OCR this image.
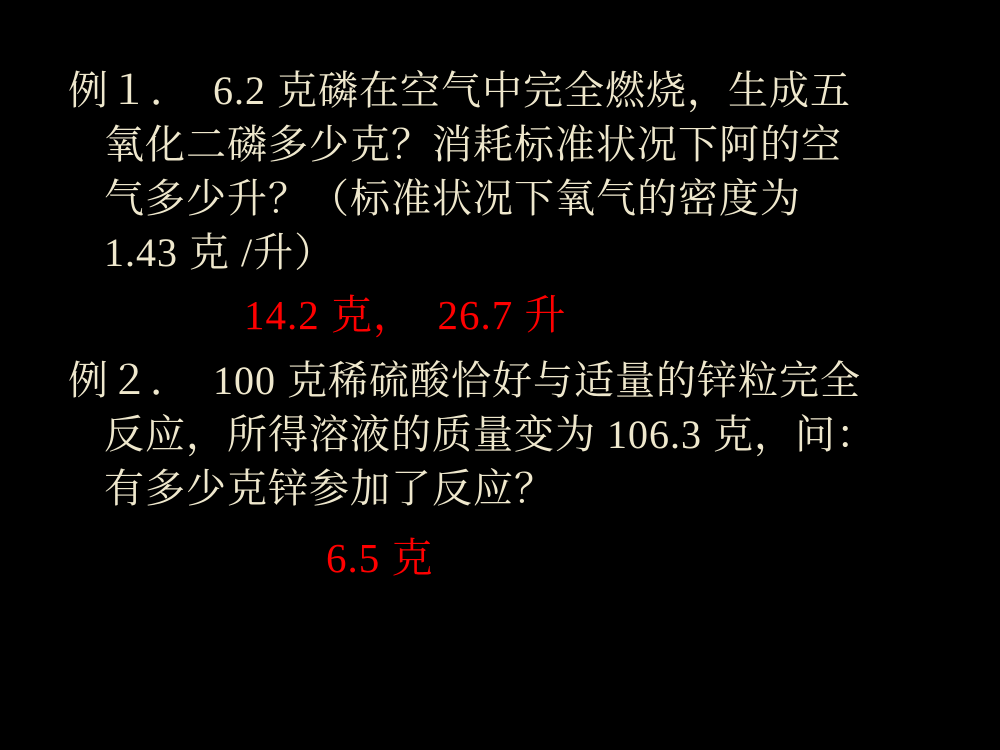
例１．  6.2 克磷在空气中完全燃烧，生成五
氧化二磷多少克？消耗标准状况下阿的空
气多少升？（标准状况下氧气的密度为
1.43 克 /升）
14.2 克，  26.7 升
例２．  100 克稀硫酸恰好与适量的锌粒完全
反应，所得溶液的质量变为 106.3 克，问：
有多少克锌参加了反应？
6.5 克
